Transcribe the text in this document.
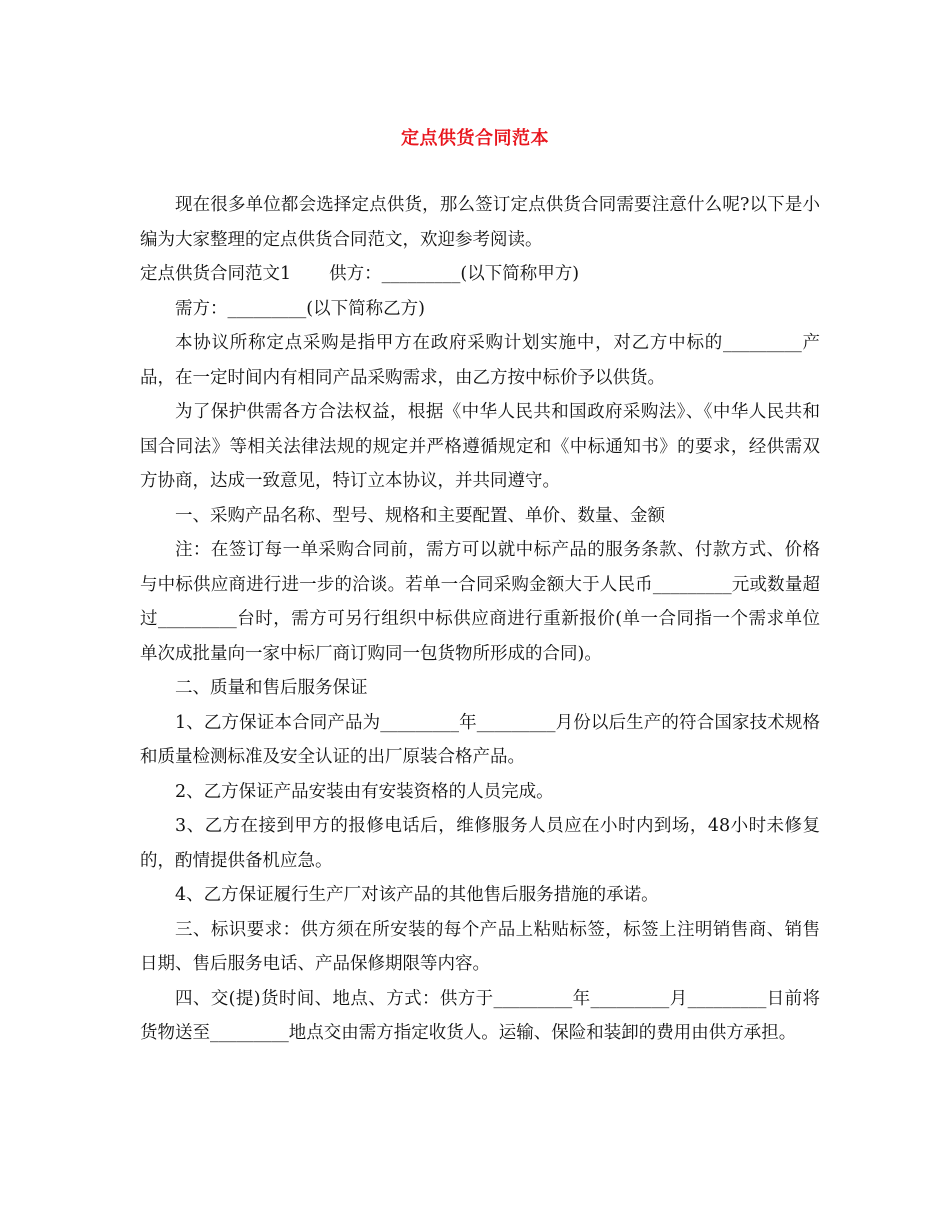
定点供货合同范本

现在很多单位都会选择定点供货，那么签订定点供货合同需要注意什么呢?以下是小编为大家整理的定点供货合同范文，欢迎参考阅读。

定点供货合同范文1 供方：_________(以下简称甲方)

需方：_________(以下简称乙方)

本协议所称定点采购是指甲方在政府采购计划实施中，对乙方中标的_________产品，在一定时间内有相同产品采购需求，由乙方按中标价予以供货。

为了保护供需各方合法权益，根据《中华人民共和国政府采购法》、《中华人民共和国合同法》等相关法律法规的规定并严格遵循规定和《中标通知书》的要求，经供需双方协商，达成一致意见，特订立本协议，并共同遵守。

一、采购产品名称、型号、规格和主要配置、单价、数量、金额

注：在签订每一单采购合同前，需方可以就中标产品的服务条款、付款方式、价格与中标供应商进行进一步的洽谈。若单一合同采购金额大于人民币_________元或数量超过_________台时，需方可另行组织中标供应商进行重新报价(单一合同指一个需求单位单次成批量向一家中标厂商订购同一包货物所形成的合同)。

二、质量和售后服务保证

1、乙方保证本合同产品为_________年_________月份以后生产的符合国家技术规格和质量检测标准及安全认证的出厂原装合格产品。

2、乙方保证产品安装由有安装资格的人员完成。

3、乙方在接到甲方的报修电话后，维修服务人员应在小时内到场，48小时未修复的，酌情提供备机应急。

4、乙方保证履行生产厂对该产品的其他售后服务措施的承诺。

三、标识要求：供方须在所安装的每个产品上粘贴标签，标签上注明销售商、销售日期、售后服务电话、产品保修期限等内容。

四、交(提)货时间、地点、方式：供方于_________年_________月_________日前将货物送至_________地点交由需方指定收货人。运输、保险和装卸的费用由供方承担。
